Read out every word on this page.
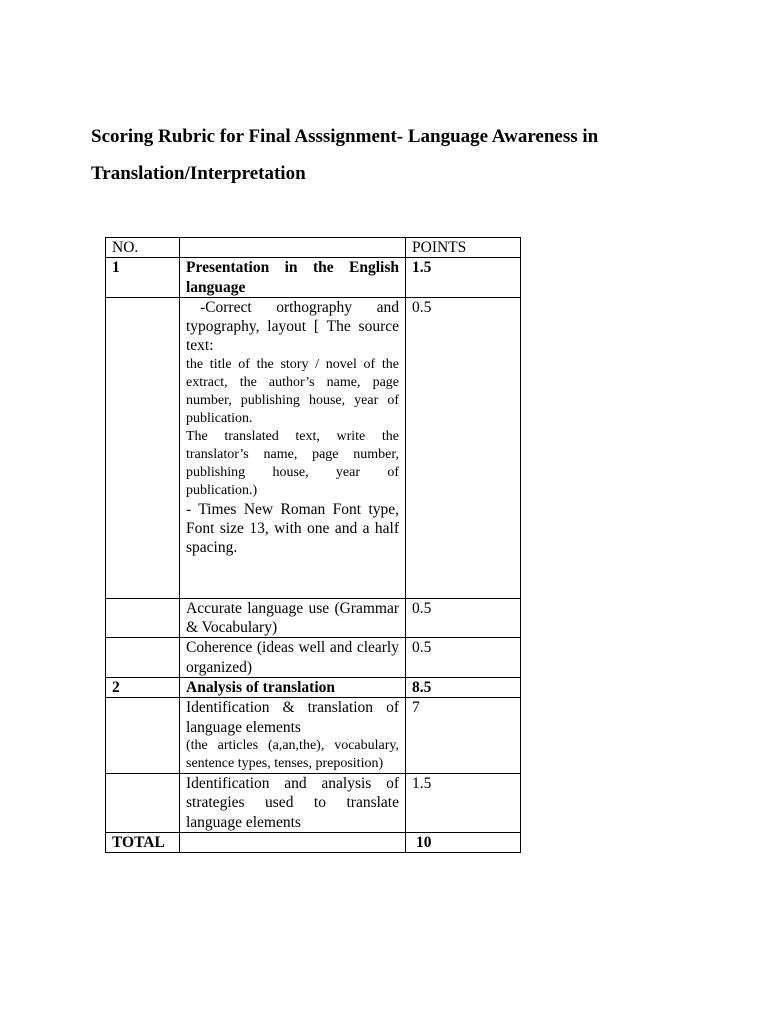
Scoring Rubric for Final Asssignment- Language Awareness in
Translation/Interpretation
NO.		POINTS
1	Presentation in the English language	1.5

	-Correct orthography and typography, layout [ The source text:
the title of the story / novel of the extract, the author’s name, page number, publishing house, year of publication.
The translated text, write the translator’s name, page number, publishing house, year of publication.)
- Times New Roman Font type, Font size 13, with one and a half spacing.	0.5
	Accurate language use (Grammar & Vocabulary)	0.5
	Coherence (ideas well and clearly organized)	0.5
2	Analysis of translation	8.5

	Identification & translation of language elements
(the articles (a,an,the), vocabulary, sentence types, tenses, preposition)	7
	Identification and analysis of strategies used to translate language elements	1.5
TOTAL		10
